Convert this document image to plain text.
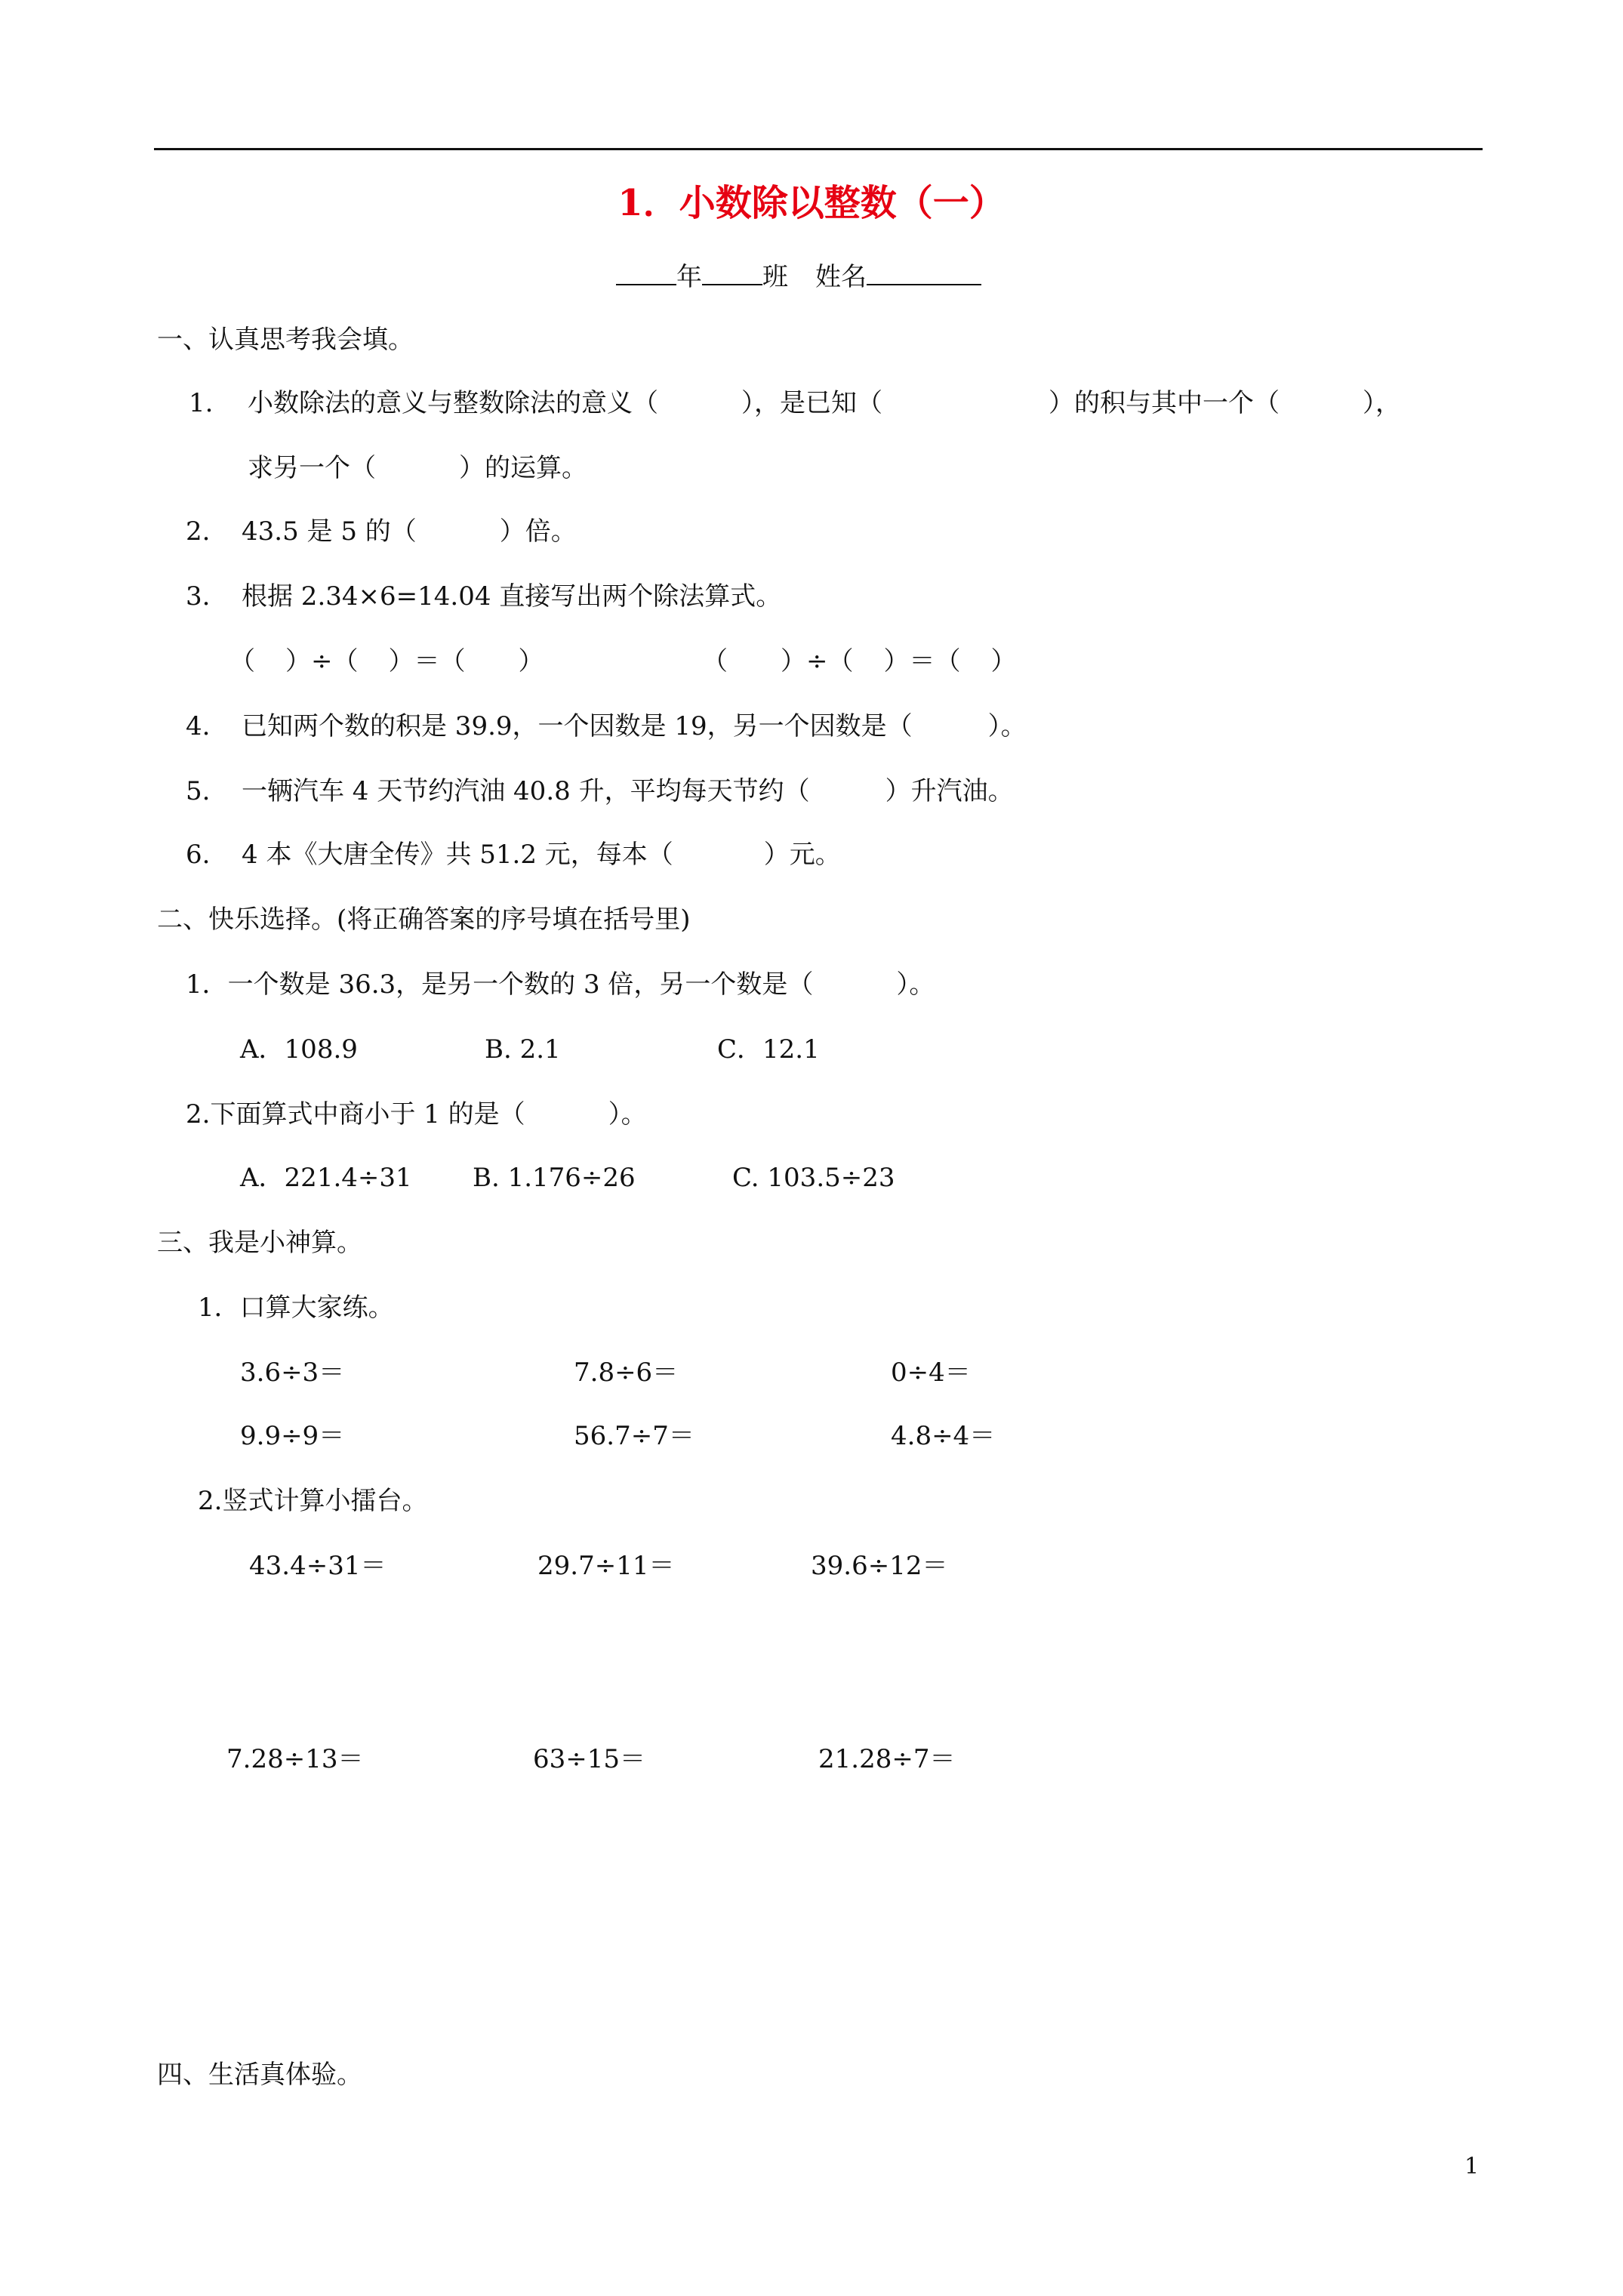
1．小数除以整数（一）
年 班 姓名
一、认真思考我会填。
1. 小数除法的意义与整数除法的意义（	），是已知（	）的积与其中一个（	），
求另一个（	）的运算。
2. 43.5 是 5 的（	）倍。
3. 根据 2.34×6=14.04 直接写出两个除法算式。
（ ）÷（ ）＝（ ）	（ ）÷（ ）＝（ ）
4. 已知两个数的积是 39.9，一个因数是 19，另一个因数是（	）。
5. 一辆汽车 4 天节约汽油 40.8 升，平均每天节约（	）升汽油。
6. 4 本《大唐全传》共 51.2 元，每本（	）元。
二、快乐选择。(将正确答案的序号填在括号里)
1．一个数是 36.3，是另一个数的 3 倍，另一个数是（	）。
A．108.9	B. 2.1	C．12.1
2.下面算式中商小于 1 的是（	）。
A．221.4÷31 B. 1.176÷26	C. 103.5÷23
三、我是小神算。
1．口算大家练。
3.6÷3＝	7.8÷6＝	0÷4＝
9.9÷9＝	56.7÷7＝	4.8÷4＝
2.竖式计算小擂台。
43.4÷31＝	29.7÷11＝	39.6÷12＝
7.28÷13＝	63÷15＝	21.28÷7＝
四、生活真体验。
1
